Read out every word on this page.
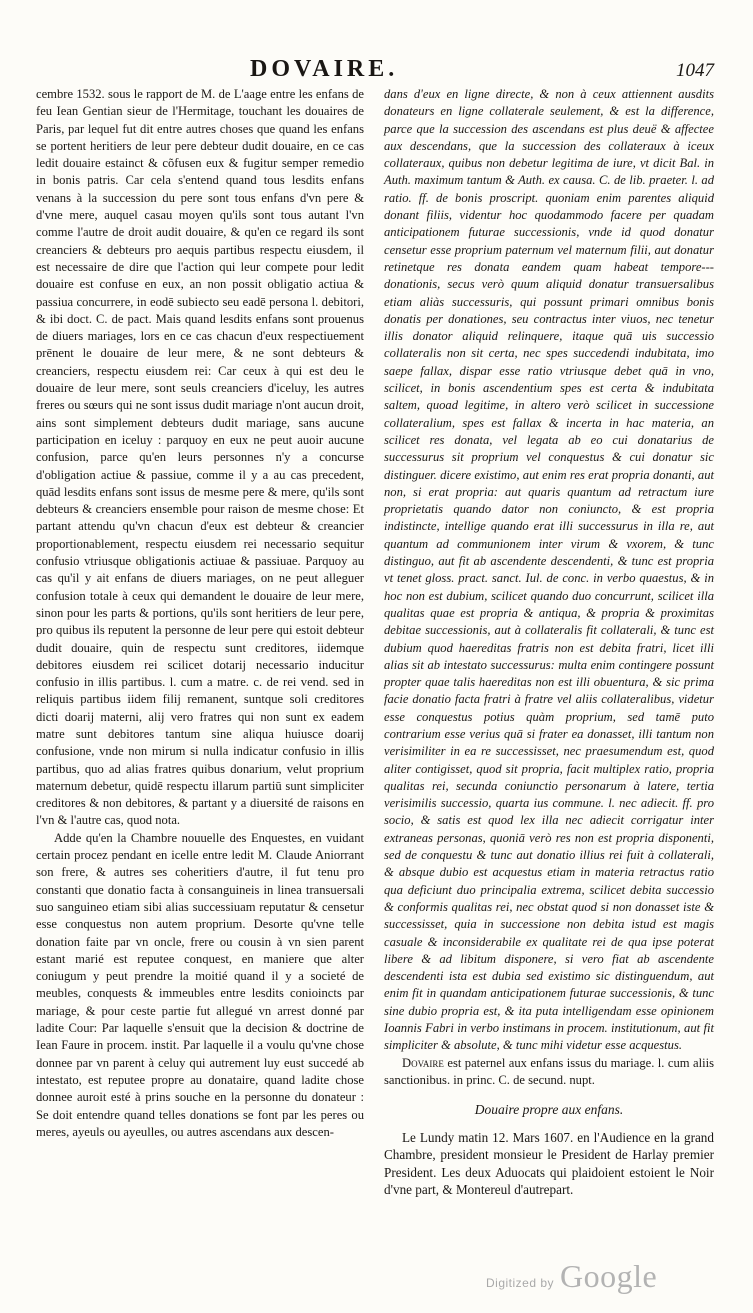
DOVAIRE.	1047

cembre 1532. sous le rapport de M. de L'aage entre les enfans de feu Iean Gentian sieur de l'Hermitage, touchant les douaires de Paris, par lequel fut dit entre autres choses que quand les enfans se portent heritiers de leur pere debteur dudit douaire, en ce cas ledit douaire estainct & cõfusen eux & fugitur semper remedio in bonis patris. Car cela s'entend quand tous lesdits enfans venans à la succession du pere sont tous enfans d'vn pere & d'vne mere, auquel casau moyen qu'ils sont tous autant l'vn comme l'autre de droit audit douaire, & qu'en ce regard ils sont creanciers & debteurs pro aequis partibus respectu eiusdem, il est necessaire de dire que l'action qui leur compete pour ledit douaire est confuse en eux, an non possit obligatio actiua & passiua concurrere, in eodē subiecto seu eadē persona l. debitori, & ibi doct. C. de pact. Mais quand lesdits enfans sont prouenus de diuers mariages, lors en ce cas chacun d'eux respectiuement prēnent le douaire de leur mere, & ne sont debteurs & creanciers, respectu eiusdem rei: Car ceux à qui est deu le douaire de leur mere, sont seuls creanciers d'iceluy, les autres freres ou sœurs qui ne sont issus dudit mariage n'ont aucun droit, ains sont simplement debteurs dudit mariage, sans aucune participation en iceluy : parquoy en eux ne peut auoir aucune confusion, parce qu'en leurs personnes n'y a concurse d'obligation actiue & passiue, comme il y a au cas precedent, quād lesdits enfans sont issus de mesme pere & mere, qu'ils sont debteurs & creanciers ensemble pour raison de mesme chose: Et partant attendu qu'vn chacun d'eux est debteur & creancier proportionablement, respectu eiusdem rei necessario sequitur confusio vtriusque obligationis actiuae & passiuae. Parquoy au cas qu'il y ait enfans de diuers mariages, on ne peut alleguer confusion totale à ceux qui demandent le douaire de leur mere, sinon pour les parts & portions, qu'ils sont heritiers de leur pere, pro quibus ils reputent la personne de leur pere qui estoit debteur dudit douaire, quin de respectu sunt creditores, iidemque debitores eiusdem rei scilicet dotarij necessario inducitur confusio in illis partibus. l. cum a matre. c. de rei vend. sed in reliquis partibus iidem filij remanent, suntque soli creditores dicti doarij materni, alij vero fratres qui non sunt ex eadem matre sunt debitores tantum sine aliqua huiusce doarij confusione, vnde non mirum si nulla indicatur confusio in illis partibus, quo ad alias fratres quibus donarium, velut proprium maternum debetur, quidē respectu illarum partiū sunt simpliciter creditores & non debitores, & partant y a diuersité de raisons en l'vn & l'autre cas, quod nota.

Adde qu'en la Chambre nouuelle des Enquestes, en vuidant certain procez pendant en icelle entre ledit M. Claude Aniorrant son frere, & autres ses coheritiers d'autre, il fut tenu pro constanti que donatio facta à consanguineis in linea transuersali suo sanguineo etiam sibi alias successiuam reputatur & censetur esse conquestus non autem proprium. Desorte qu'vne telle donation faite par vn oncle, frere ou cousin à vn sien parent estant marié est reputee conquest, en maniere que alter coniugum y peut prendre la moitié quand il y a societé de meubles, conquests & immeubles entre lesdits conioincts par mariage, & pour ceste partie fut allegué vn arrest donné par ladite Cour: Par laquelle s'ensuit que la decision & doctrine de Iean Faure in procem. instit. Par laquelle il a voulu qu'vne chose donnee par vn parent à celuy qui autrement luy eust succedé ab intestato, est reputee propre au donataire, quand ladite chose donnee auroit esté à prins souche en la personne du donateur : Se doit entendre quand telles donations se font par les peres ou meres, ayeuls ou ayeulles, ou autres ascendans aux descen-

dans d'eux en ligne directe, & non à ceux attiennent ausdits donateurs en ligne collaterale seulement, & est la difference, parce que la succession des ascendans est plus deuë & affectee aux descendans, que la succession des collateraux à iceux collateraux, quibus non debetur legitima de iure, vt dicit Bal. in Auth. maximum tantum & Auth. ex causa. C. de lib. praeter. l. ad ratio. ff. de bonis proscript. quoniam enim parentes aliquid donant filiis, videntur hoc quodammodo facere per quadam anticipationem futurae successionis, vnde id quod donatur censetur esse proprium paternum vel maternum filii, aut donatur retinetque res donata eandem quam habeat tempore---donationis, secus verò quum aliquid donatur transuersalibus etiam aliàs successuris, qui possunt primari omnibus bonis donatis per donationes, seu contractus inter viuos, nec tenetur illis donator aliquid relinquere, itaque quā uis successio collateralis non sit certa, nec spes succedendi indubitata, imo saepe fallax, dispar esse ratio vtriusque debet quā in vno, scilicet, in bonis ascendentium spes est certa & indubitata saltem, quoad legitime, in altero verò scilicet in successione collateralium, spes est fallax & incerta in hac materia, an scilicet res donata, vel legata ab eo cui donatarius de successurus sit proprium vel conquestus & cui donatur sic distinguer. dicere existimo, aut enim res erat propria donanti, aut non, si erat propria: aut quaris quantum ad retractum iure proprietatis quando dator non coniuncto, & est propria indistincte, intellige quando erat illi successurus in illa re, aut quantum ad communionem inter virum & vxorem, & tunc distinguo, aut fit ab ascendente descendenti, & tunc est propria vt tenet gloss. pract. sanct. Iul. de conc. in verbo quaestus, & in hoc non est dubium, scilicet quando duo concurrunt, scilicet illa qualitas quae est propria & antiqua, & propria & proximitas debitae successionis, aut à collateralis fit collaterali, & tunc est dubium quod haereditas fratris non est debita fratri, licet illi alias sit ab intestato successurus: multa enim contingere possunt propter quae talis haereditas non est illi obuentura, & sic prima facie donatio facta fratri à fratre vel aliis collateralibus, videtur esse conquestus potius quàm proprium, sed tamē puto contrarium esse verius quā si frater ea donasset, illi tantum non verisimiliter in ea re successisset, nec praesumendum est, quod aliter contigisset, quod sit propria, facit multiplex ratio, propria qualitas rei, secunda coniunctio personarum à latere, tertia verisimilis successio, quarta ius commune. l. nec adiecit. ff. pro socio, & satis est quod lex illa nec adiecit corrigatur inter extraneas personas, quoniā verò res non est propria disponenti, sed de conquestu & tunc aut donatio illius rei fuit à collaterali, & absque dubio est acquestus etiam in materia retractus ratio qua deficiunt duo principalia extrema, scilicet debita successio & conformis qualitas rei, nec obstat quod si non donasset iste & successisset, quia in successione non debita istud est magis casuale & inconsiderabile ex qualitate rei de qua ipse poterat libere & ad libitum disponere, si vero fiat ab ascendente descendenti ista est dubia sed existimo sic distinguendum, aut enim fit in quandam anticipationem futurae successionis, & tunc sine dubio propria est, & ita puta intelligendam esse opinionem Ioannis Fabri in verbo instimans in procem. institutionum, aut fit simpliciter & absolute, & tunc mihi videtur esse acquestus.

Dovaire est paternel aux enfans issus du mariage. l. cum aliis sanctionibus. in princ. C. de secund. nupt.

Douaire propre aux enfans.

Le Lundy matin 12. Mars 1607. en l'Audience en la grand Chambre, president monsieur le President de Harlay premier President. Les deux Aduocats qui plaidoient estoient le Noir d'vne part, & Montereul d'autrepart.

Digitized by Google
